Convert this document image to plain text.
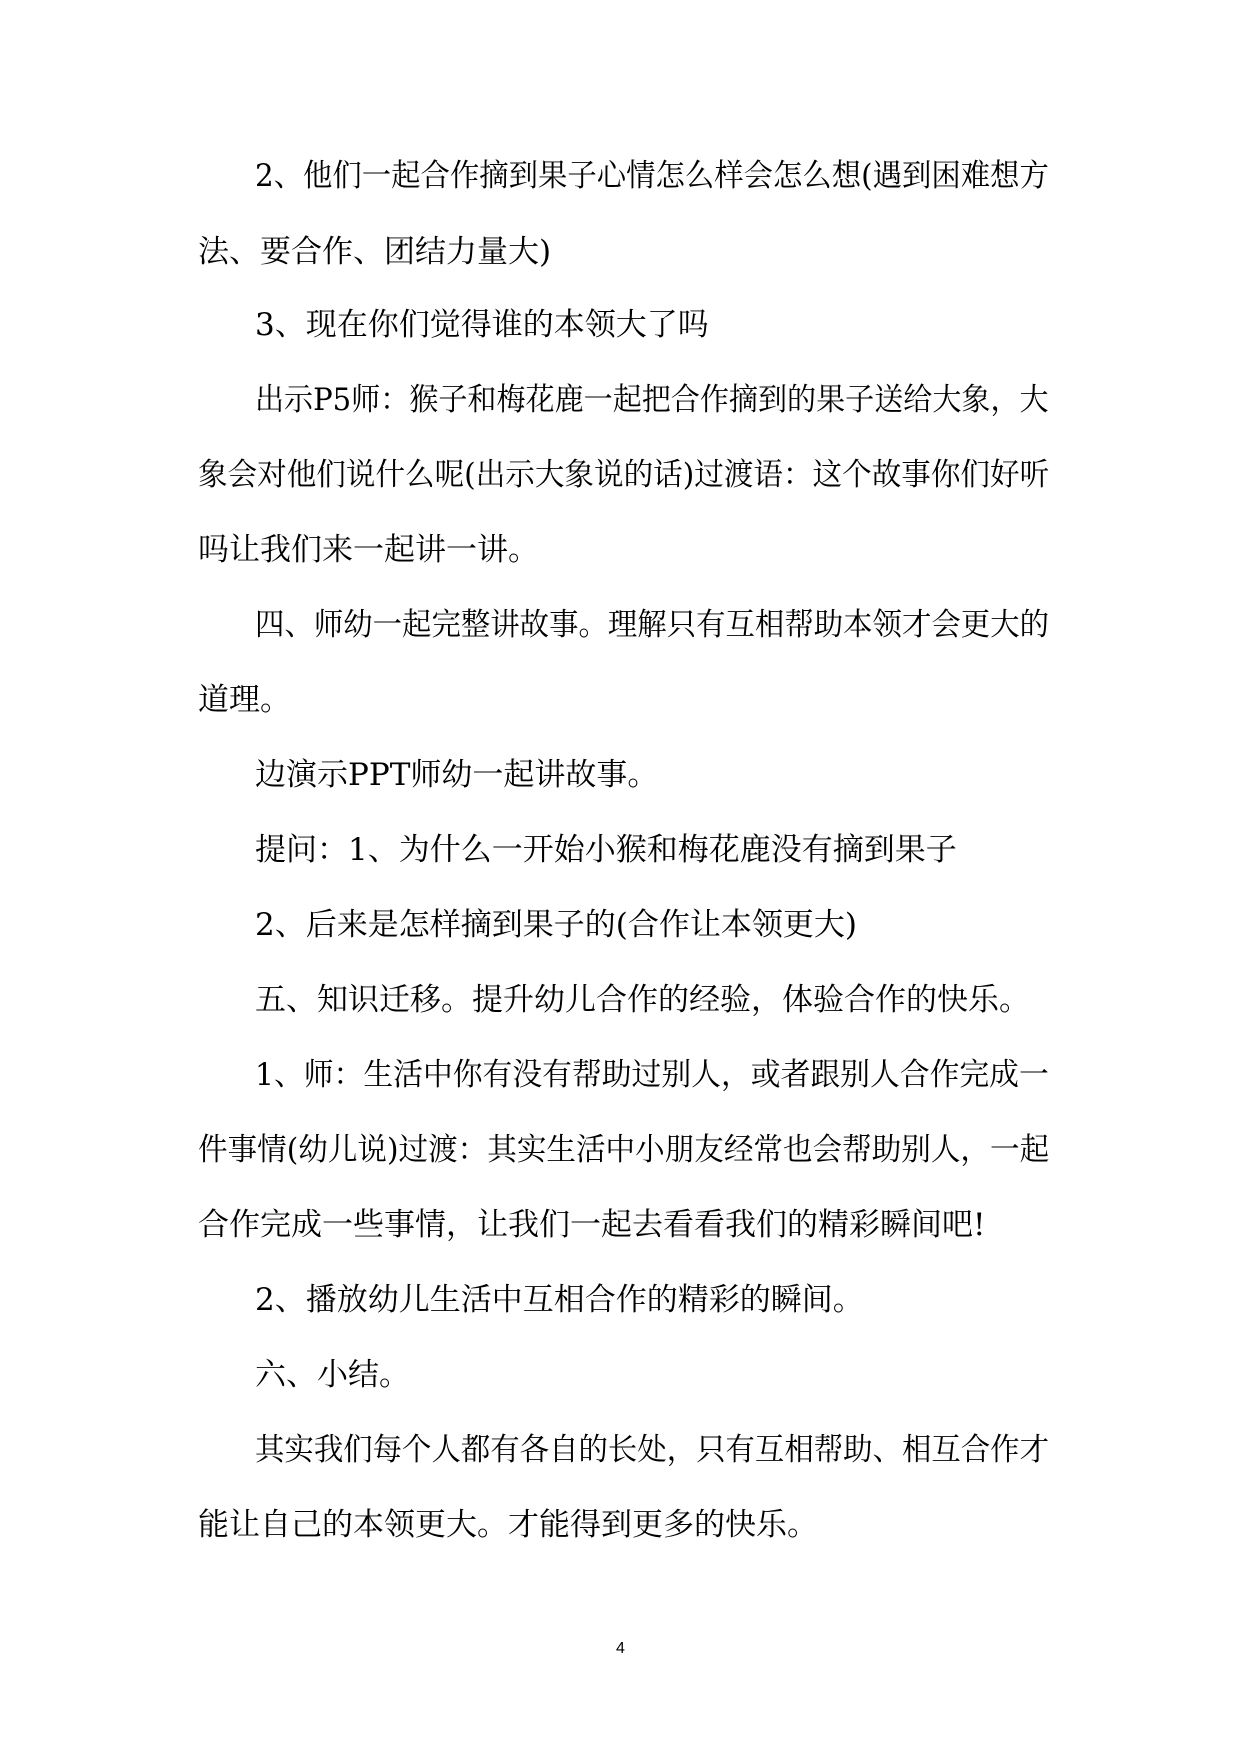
2、他们一起合作摘到果子心情怎么样会怎么想(遇到困难想方
法、要合作、团结力量大)
3、现在你们觉得谁的本领大了吗
出示P5师：猴子和梅花鹿一起把合作摘到的果子送给大象，大
象会对他们说什么呢(出示大象说的话)过渡语：这个故事你们好听
吗让我们来一起讲一讲。
四、师幼一起完整讲故事。理解只有互相帮助本领才会更大的
道理。
边演示PPT师幼一起讲故事。
提问：1、为什么一开始小猴和梅花鹿没有摘到果子
2、后来是怎样摘到果子的(合作让本领更大)
五、知识迁移。提升幼儿合作的经验，体验合作的快乐。
1、师：生活中你有没有帮助过别人，或者跟别人合作完成一
件事情(幼儿说)过渡：其实生活中小朋友经常也会帮助别人，一起
合作完成一些事情，让我们一起去看看我们的精彩瞬间吧!
2、播放幼儿生活中互相合作的精彩的瞬间。
六、小结。
其实我们每个人都有各自的长处，只有互相帮助、相互合作才
能让自己的本领更大。才能得到更多的快乐。
4
